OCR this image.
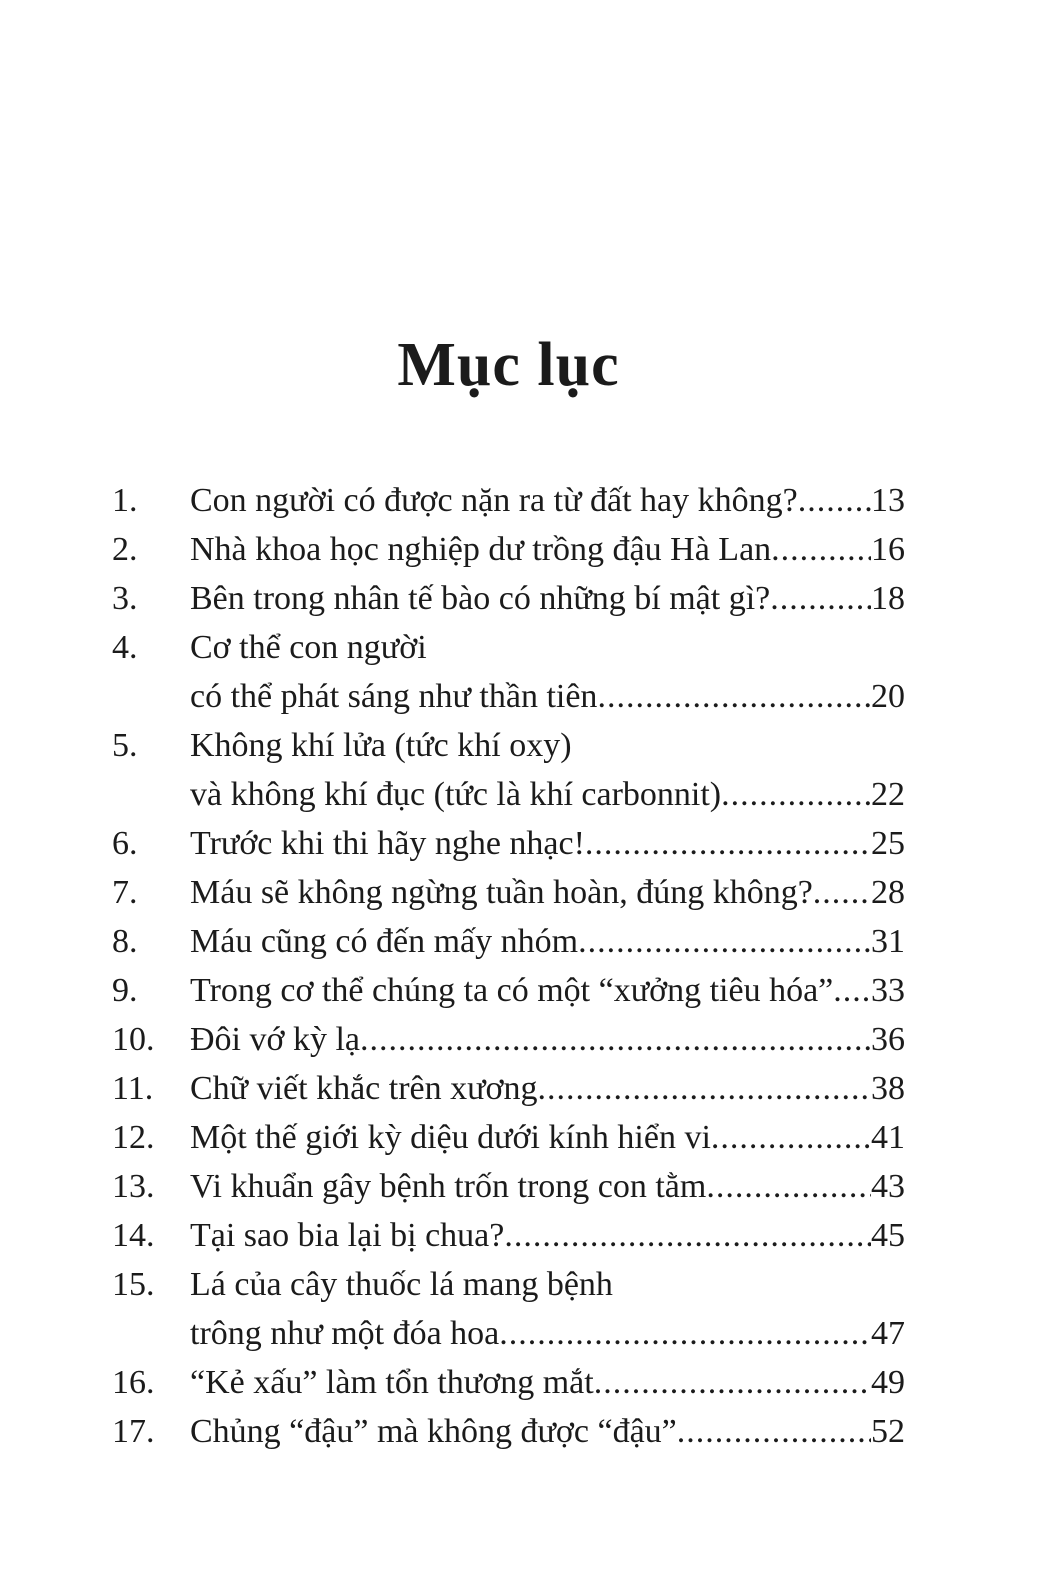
Mục lục
1.	Con người có được nặn ra từ đất hay không? ..... 13
2.	Nhà khoa học nghiệp dư trồng đậu Hà Lan .....	16
3.	Bên trong nhân tế bào có những bí mật gì? .....	18
4.	Cơ thể con người
có thể phát sáng như thần tiên .....	20
5.	Không khí lửa (tức khí oxy)
và không khí đục (tức là khí carbonnit) .....	22
6.	Trước khi thi hãy nghe nhạc! .....	25
7.	Máu sẽ không ngừng tuần hoàn, đúng không? ..... 28
8.	Máu cũng có đến mấy nhóm .....	31
9.	Trong cơ thể chúng ta có một “xưởng tiêu hóa” ..... 33
10.	Đôi vớ kỳ lạ .....	36
11.	Chữ viết khắc trên xương .....	38
12.	Một thế giới kỳ diệu dưới kính hiển vi .....	41
13.	Vi khuẩn gây bệnh trốn trong con tằm .....	43
14.	Tại sao bia lại bị chua? .....	45
15.	Lá của cây thuốc lá mang bệnh
trông như một đóa hoa .....	47
16.	“Kẻ xấu” làm tổn thương mắt .....	49
17.	Chủng “đậu” mà không được “đậu” .....	52
